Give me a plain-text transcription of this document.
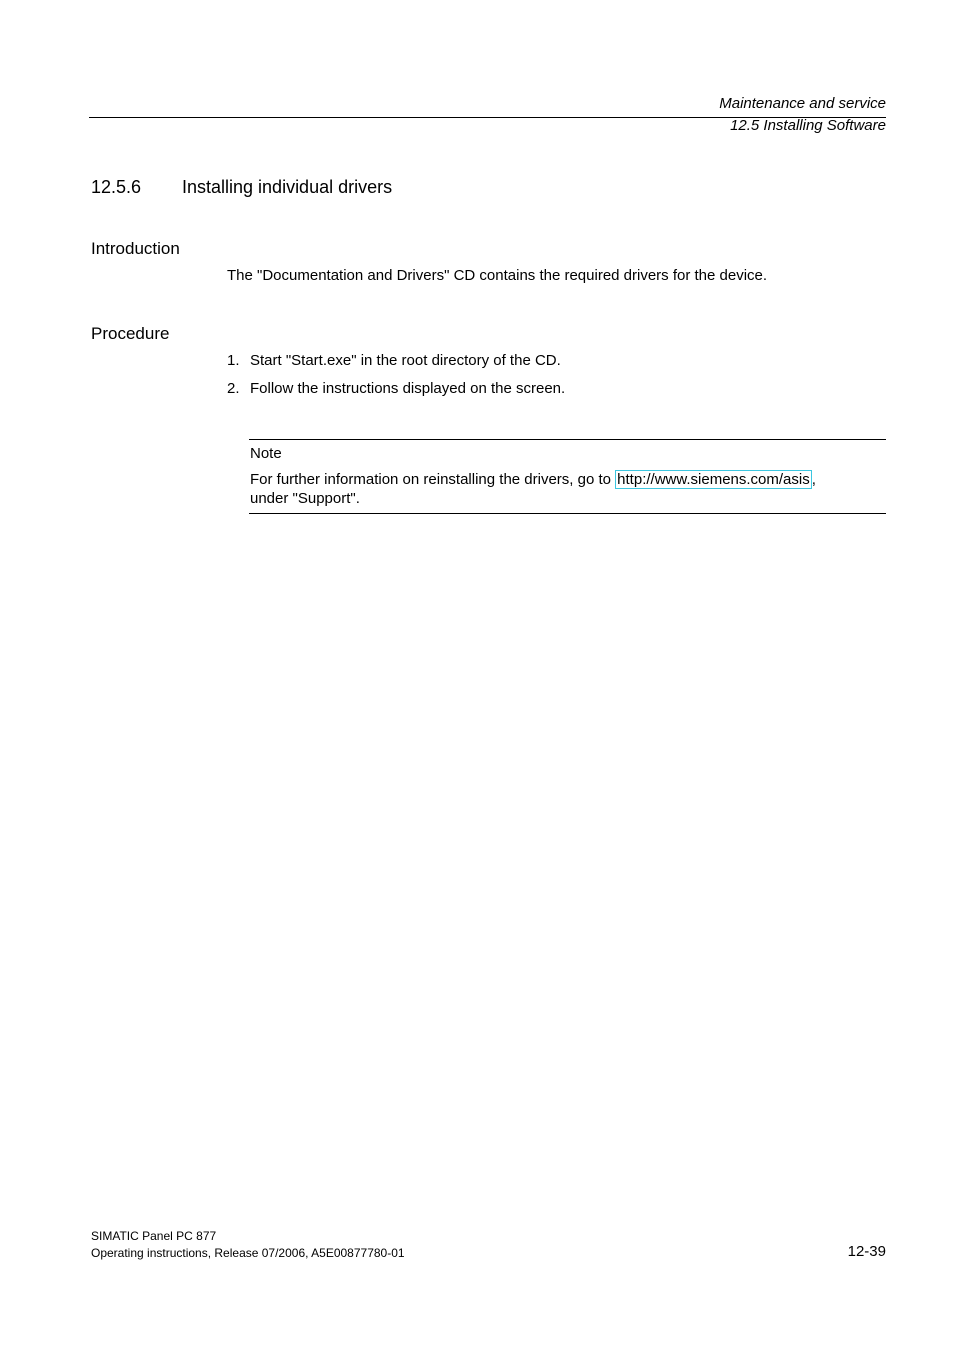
Maintenance and service
12.5 Installing Software
12.5.6 Installing individual drivers
Introduction
The "Documentation and Drivers" CD contains the required drivers for the device.
Procedure
1. Start "Start.exe" in the root directory of the CD.
2. Follow the instructions displayed on the screen.
Note
For further information on reinstalling the drivers, go to http://www.siemens.com/asis ,
under "Support".
SIMATIC Panel PC 877
Operating instructions, Release 07/2006, A5E00877780-01	12-39
